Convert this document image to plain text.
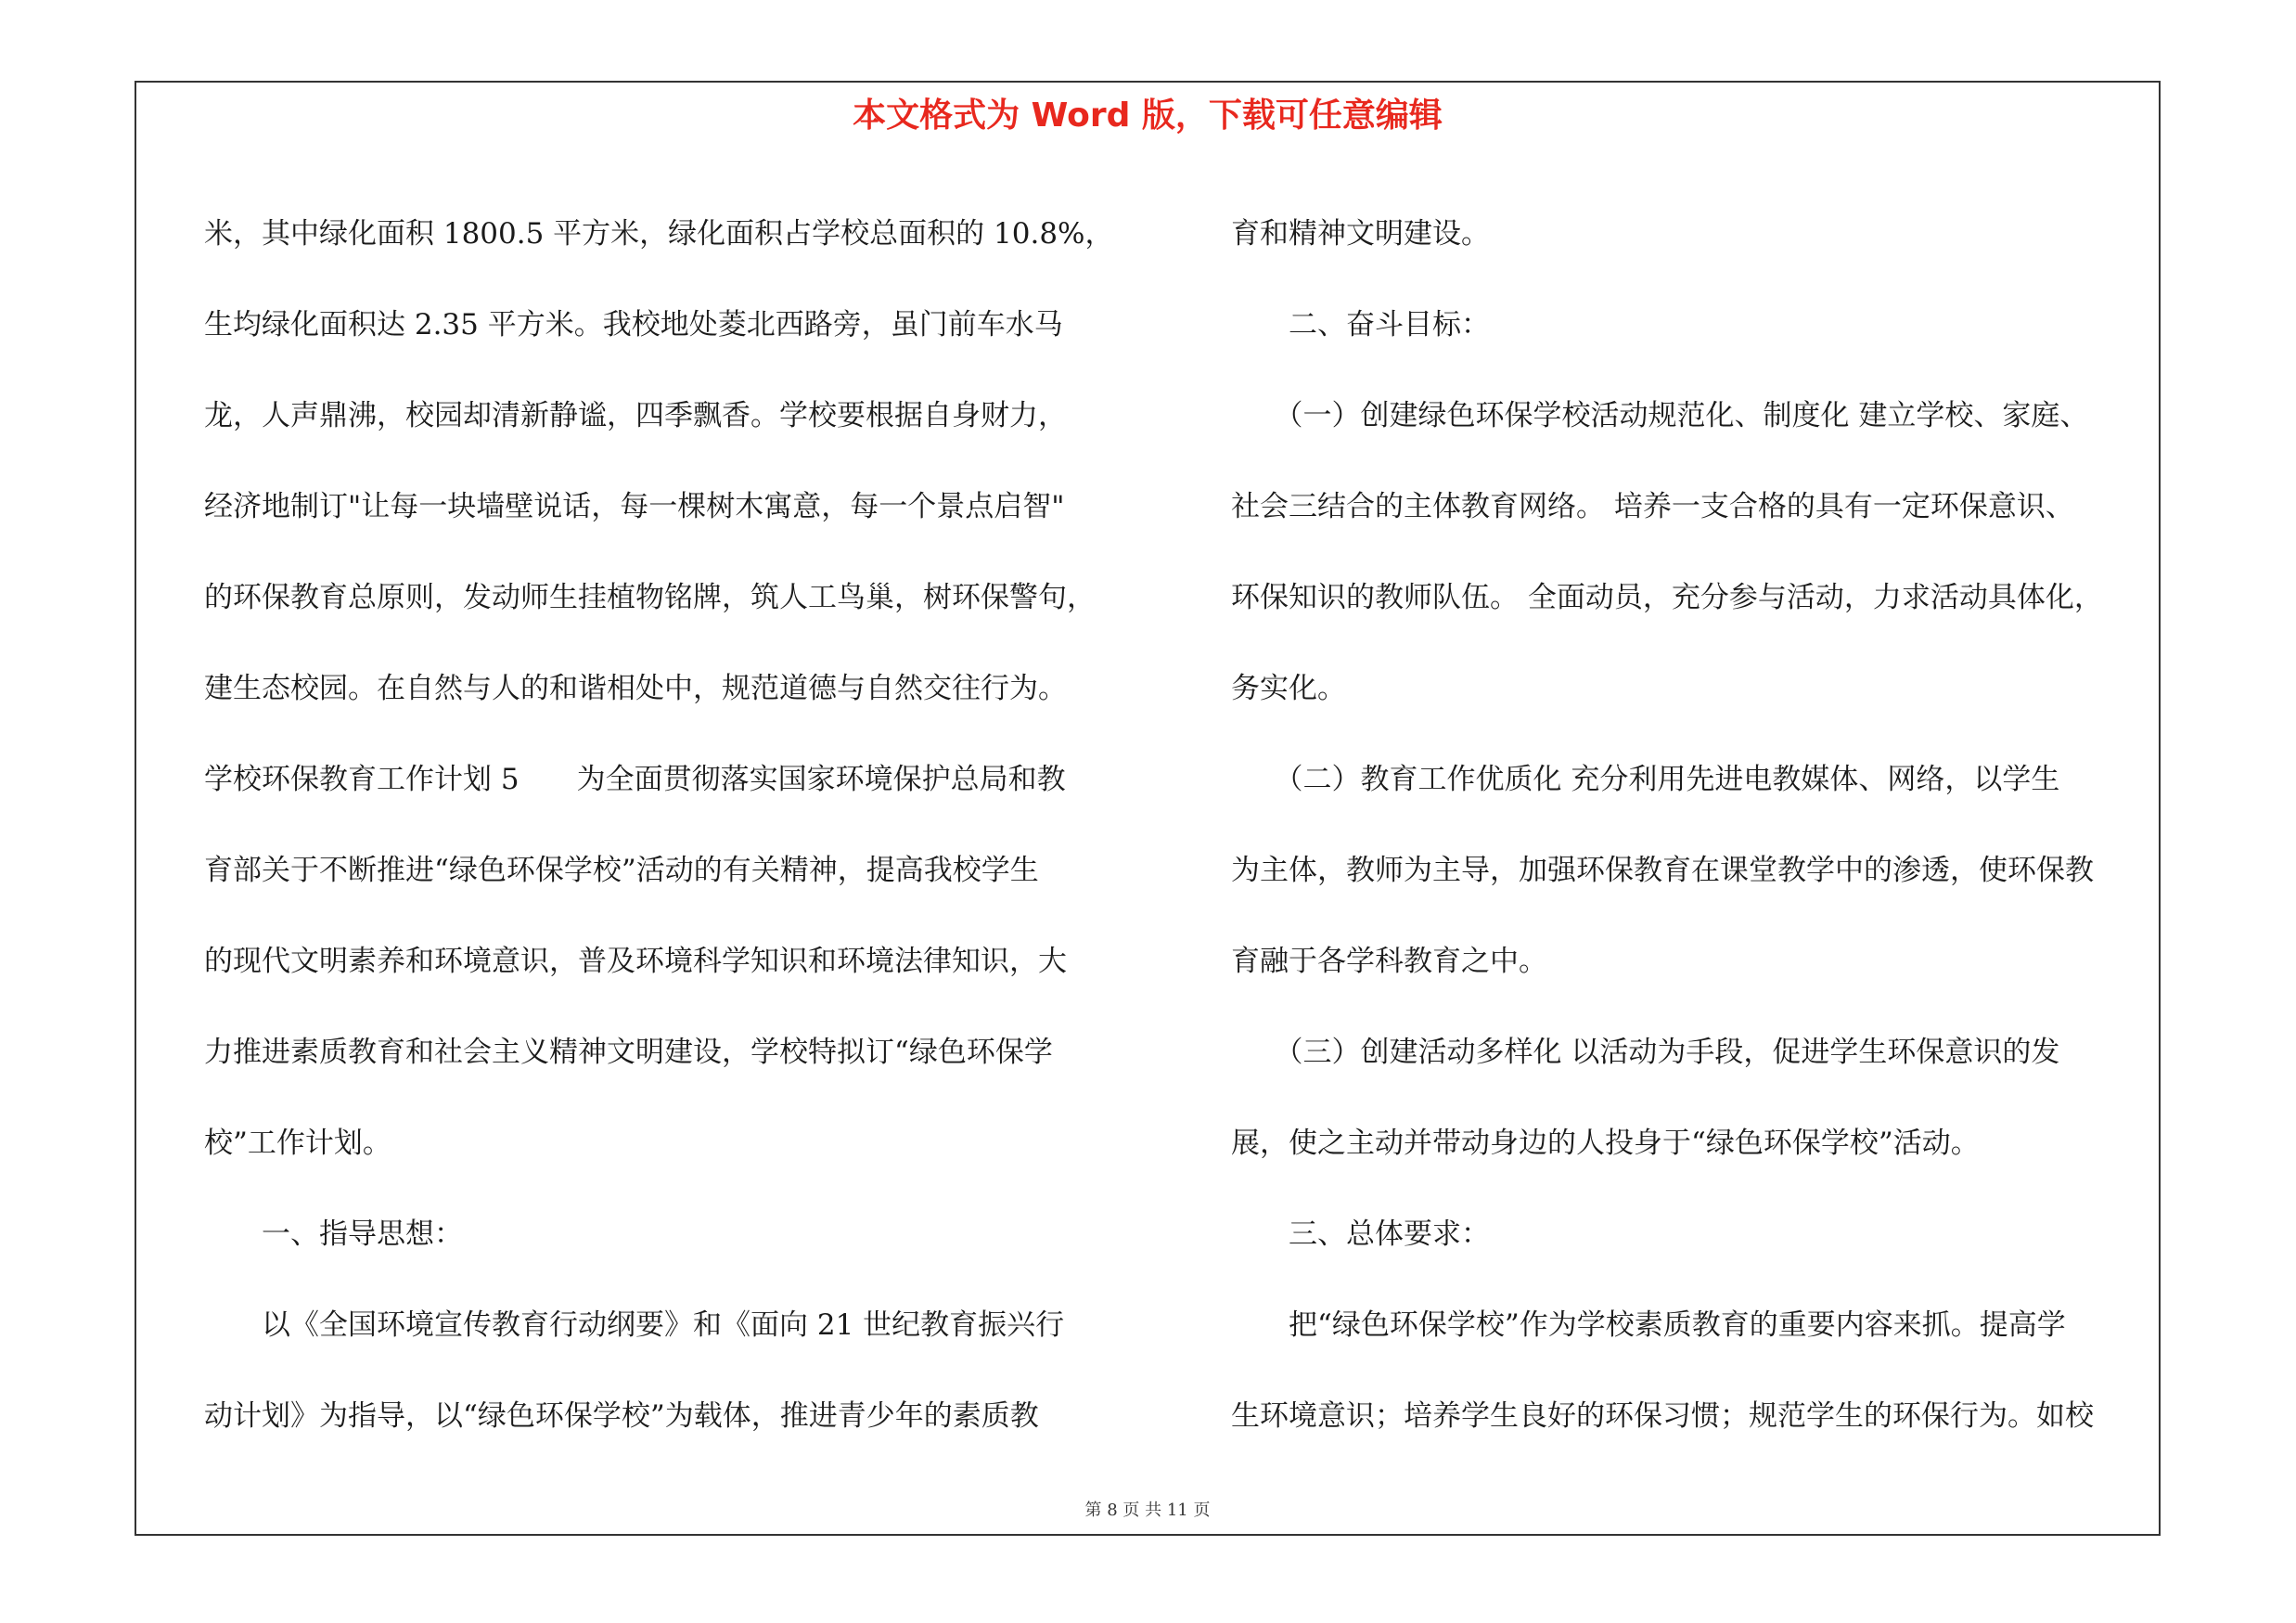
本文格式为 Word 版，下载可任意编辑
米，其中绿化面积 1800.5 平方米，绿化面积占学校总面积的 10.8%，
生均绿化面积达 2.35 平方米。我校地处菱北西路旁，虽门前车水马
龙，人声鼎沸，校园却清新静谧，四季飘香。学校要根据自身财力，
经济地制订"让每一块墙壁说话，每一棵树木寓意，每一个景点启智"
的环保教育总原则，发动师生挂植物铭牌，筑人工鸟巢，树环保警句，
建生态校园。在自然与人的和谐相处中，规范道德与自然交往行为。
学校环保教育工作计划 5　　为全面贯彻落实国家环境保护总局和教
育部关于不断推进“绿色环保学校”活动的有关精神，提高我校学生
的现代文明素养和环境意识，普及环境科学知识和环境法律知识，大
力推进素质教育和社会主义精神文明建设，学校特拟订“绿色环保学
校”工作计划。
　　一、指导思想：
　　以《全国环境宣传教育行动纲要》和《面向 21 世纪教育振兴行
动计划》为指导，以“绿色环保学校”为载体，推进青少年的素质教
育和精神文明建设。
　　二、奋斗目标：
　　（一）创建绿色环保学校活动规范化、制度化 建立学校、家庭、
社会三结合的主体教育网络。 培养一支合格的具有一定环保意识、
环保知识的教师队伍。 全面动员，充分参与活动，力求活动具体化，
务实化。
　　（二）教育工作优质化 充分利用先进电教媒体、网络，以学生
为主体，教师为主导，加强环保教育在课堂教学中的渗透，使环保教
育融于各学科教育之中。
　　（三）创建活动多样化 以活动为手段，促进学生环保意识的发
展，使之主动并带动身边的人投身于“绿色环保学校”活动。
　　三、总体要求：
　　把“绿色环保学校”作为学校素质教育的重要内容来抓。提高学
生环境意识；培养学生良好的环保习惯；规范学生的环保行为。如校
第 8 页 共 11 页
